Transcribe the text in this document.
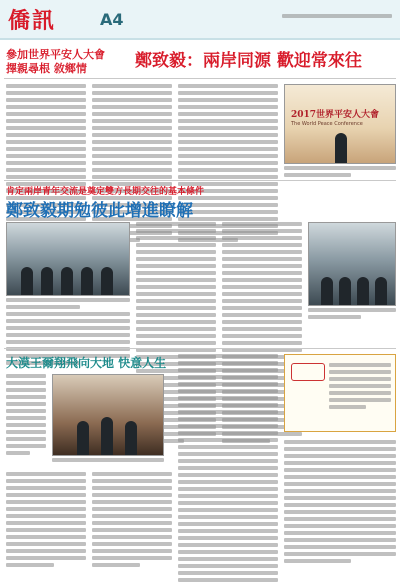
僑訊	A4
參加世界平安人大會
擇親尋根 敘鄉情	鄭致毅：兩岸同源 歡迎常來往
2017世界平安人大會
The World Peace Conference
肯定兩岸青年交流是奠定雙方長期交往的基本條件
鄭致毅期勉彼此增進瞭解
大漠王爾翔飛向大地 快意人生
